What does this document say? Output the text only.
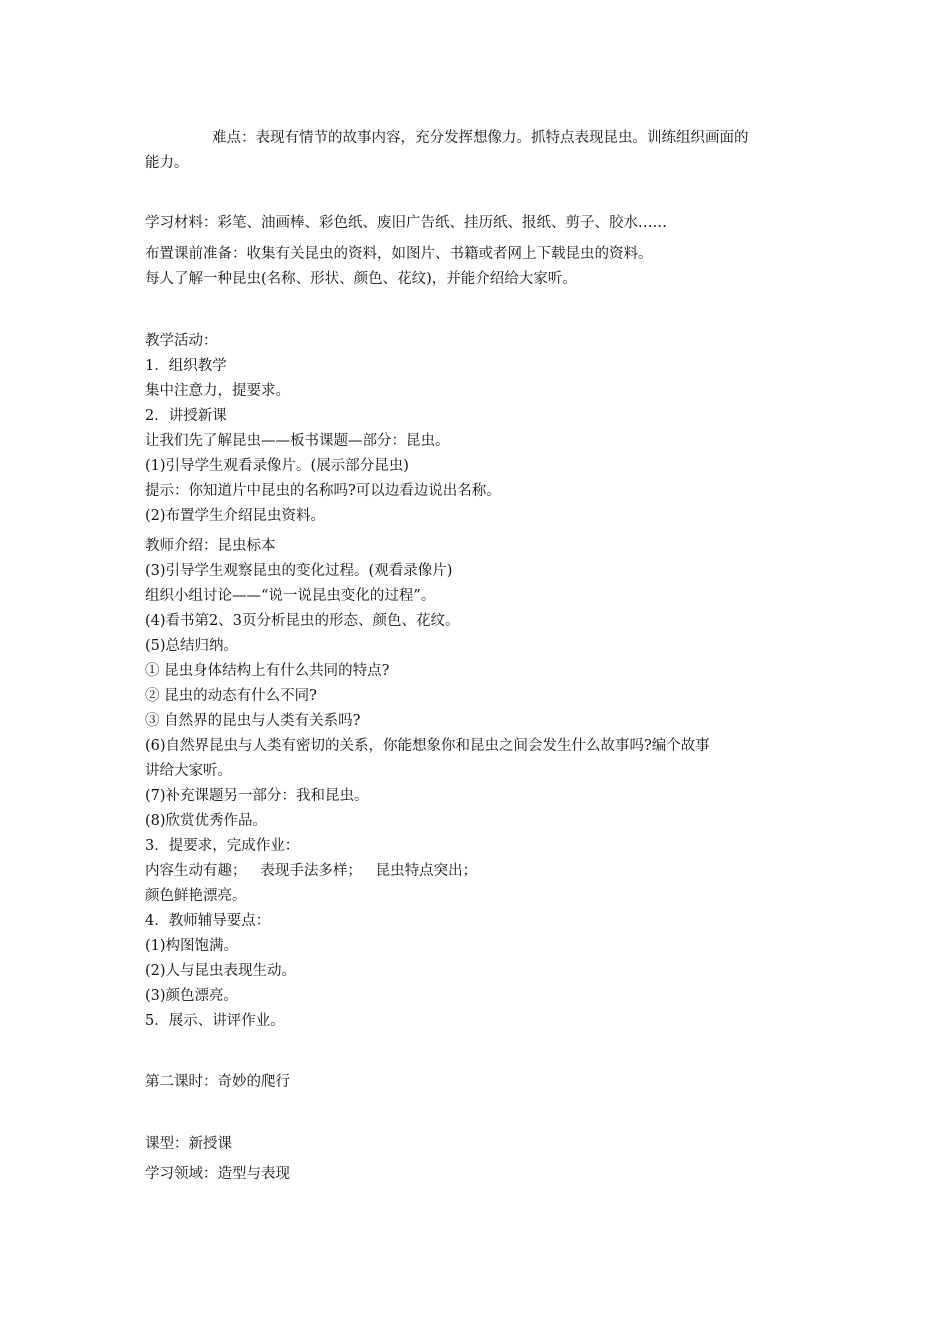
难点：表现有情节的故事内容，充分发挥想像力。抓特点表现昆虫。训练组织画面的
能力。
学习材料：彩笔、油画棒、彩色纸、废旧广告纸、挂历纸、报纸、剪子、胶水……
布置课前准备：收集有关昆虫的资料，如图片、书籍或者网上下载昆虫的资料。
每人了解一种昆虫(名称、形状、颜色、花纹)，并能介绍给大家听。
教学活动：
1．组织教学
集中注意力，提要求。
2．讲授新课
让我们先了解昆虫——板书课题—部分：昆虫。
(1)引导学生观看录像片。(展示部分昆虫)
提示：你知道片中昆虫的名称吗?可以边看边说出名称。
(2)布置学生介绍昆虫资料。
教师介绍：昆虫标本
(3)引导学生观察昆虫的变化过程。(观看录像片)
组织小组讨论——“说一说昆虫变化的过程”。
(4)看书第2、3页分析昆虫的形态、颜色、花纹。
(5)总结归纳。
① 昆虫身体结构上有什么共同的特点?
② 昆虫的动态有什么不同?
③ 自然界的昆虫与人类有关系吗?
(6)自然界昆虫与人类有密切的关系，你能想象你和昆虫之间会发生什么故事吗?编个故事
讲给大家听。
(7)补充课题另一部分：我和昆虫。
(8)欣赏优秀作品。
3．提要求，完成作业：
内容生动有趣；   表现手法多样；   昆虫特点突出；
颜色鲜艳漂亮。
4．教师辅导要点：
(1)构图饱满。
(2)人与昆虫表现生动。
(3)颜色漂亮。
5．展示、讲评作业。
第二课时：奇妙的爬行
课型：新授课
学习领域：造型与表现
